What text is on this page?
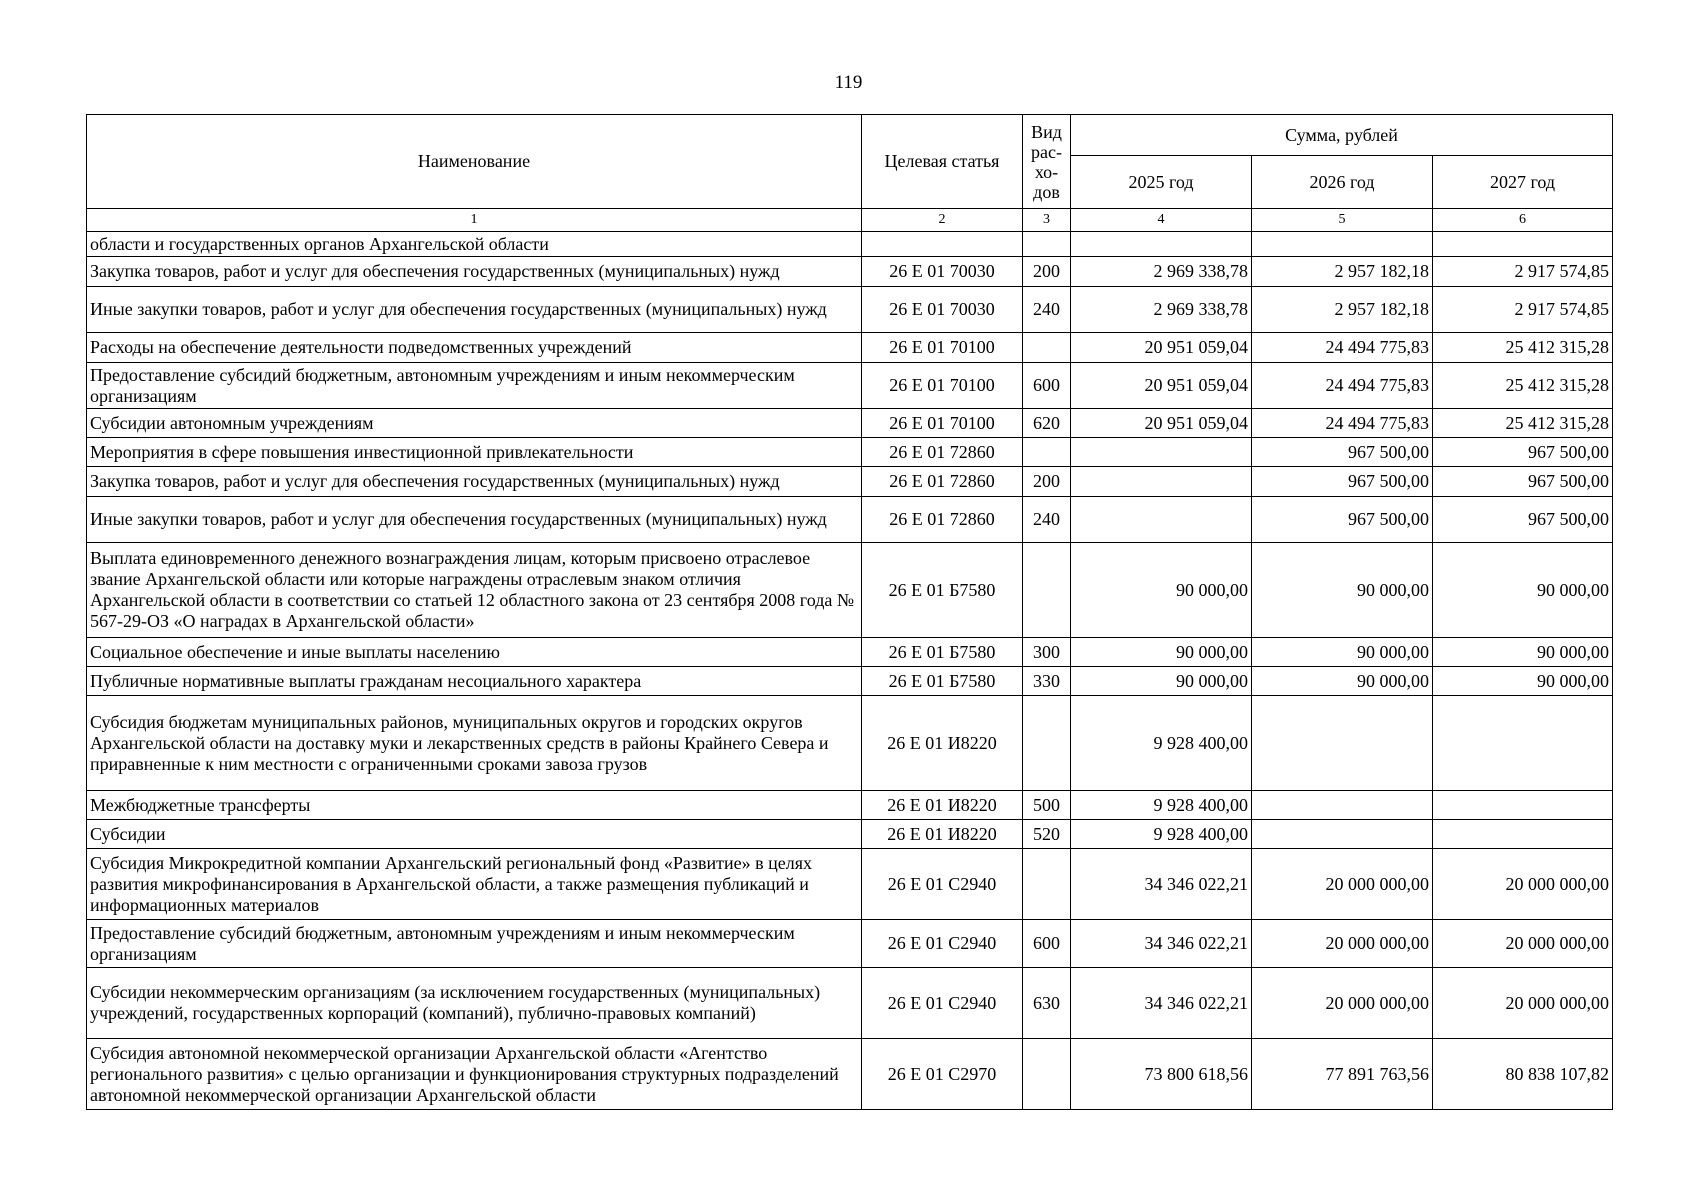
119
Наименование	Целевая статья	Вид рас-хо-дов	Сумма, рублей		
			2025 год	2026 год	2027 год
1	2	3	4	5	6
области и государственных органов Архангельской области					
Закупка товаров, работ и услуг для обеспечения государственных (муниципальных) нужд	26 Е 01 70030	200	2 969 338,78	2 957 182,18	2 917 574,85
Иные закупки товаров, работ и услуг для обеспечения государственных (муниципальных) нужд	26 Е 01 70030	240	2 969 338,78	2 957 182,18	2 917 574,85
Расходы на обеспечение деятельности подведомственных учреждений	26 Е 01 70100		20 951 059,04	24 494 775,83	25 412 315,28
Предоставление субсидий бюджетным, автономным учреждениям и иным некоммерческим организациям	26 Е 01 70100	600	20 951 059,04	24 494 775,83	25 412 315,28
Субсидии автономным учреждениям	26 Е 01 70100	620	20 951 059,04	24 494 775,83	25 412 315,28
Мероприятия в сфере повышения инвестиционной привлекательности	26 Е 01 72860			967 500,00	967 500,00
Закупка товаров, работ и услуг для обеспечения государственных (муниципальных) нужд	26 Е 01 72860	200		967 500,00	967 500,00
Иные закупки товаров, работ и услуг для обеспечения государственных (муниципальных) нужд	26 Е 01 72860	240		967 500,00	967 500,00
Выплата единовременного денежного вознаграждения лицам, которым присвоено отраслевое звание Архангельской области или которые награждены отраслевым знаком отличия Архангельской области в соответствии со статьей 12 областного закона от 23 сентября 2008 года № 567-29-ОЗ «О наградах в Архангельской области»	26 Е 01 Б7580		90 000,00	90 000,00	90 000,00
Социальное обеспечение и иные выплаты населению	26 Е 01 Б7580	300	90 000,00	90 000,00	90 000,00
Публичные нормативные выплаты гражданам несоциального характера	26 Е 01 Б7580	330	90 000,00	90 000,00	90 000,00
Субсидия бюджетам муниципальных районов, муниципальных округов и городских округов Архангельской области на доставку муки и лекарственных средств в районы Крайнего Севера и приравненные к ним местности с ограниченными сроками завоза грузов	26 Е 01 И8220		9 928 400,00		
Межбюджетные трансферты	26 Е 01 И8220	500	9 928 400,00		
Субсидии	26 Е 01 И8220	520	9 928 400,00		
Субсидия Микрокредитной компании Архангельский региональный фонд «Развитие» в целях развития микрофинансирования в Архангельской области, а также размещения публикаций и информационных материалов	26 Е 01 С2940		34 346 022,21	20 000 000,00	20 000 000,00
Предоставление субсидий бюджетным, автономным учреждениям и иным некоммерческим организациям	26 Е 01 С2940	600	34 346 022,21	20 000 000,00	20 000 000,00
Субсидии некоммерческим организациям (за исключением государственных (муниципальных) учреждений, государственных корпораций (компаний), публично-правовых компаний)	26 Е 01 С2940	630	34 346 022,21	20 000 000,00	20 000 000,00
Субсидия автономной некоммерческой организации Архангельской области «Агентство регионального развития» с целью организации и функционирования структурных подразделений автономной некоммерческой организации Архангельской области	26 Е 01 С2970		73 800 618,56	77 891 763,56	80 838 107,82
